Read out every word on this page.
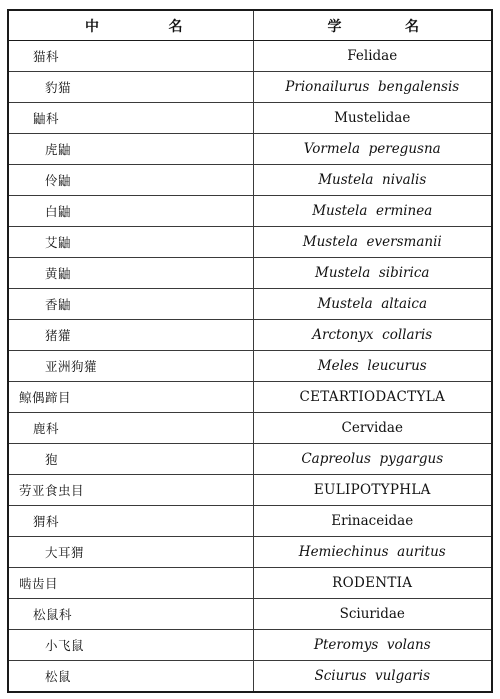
中 名	学 名

猫科	Felidae
豹猫	Prionailurus  bengalensis
鼬科	Mustelidae
虎鼬	Vormela  peregusna
伶鼬	Mustela  nivalis
白鼬	Mustela  erminea
艾鼬	Mustela  eversmanii
黄鼬	Mustela  sibirica
香鼬	Mustela  altaica
猪獾	Arctonyx  collaris
亚洲狗獾	Meles  leucurus
鲸偶蹄目	CETARTIODACTYLA
鹿科	Cervidae
狍	Capreolus  pygargus
劳亚食虫目	EULIPOTYPHLA
猬科	Erinaceidae
大耳猬	Hemiechinus  auritus
啮齿目	RODENTIA
松鼠科	Sciuridae
小飞鼠	Pteromys  volans
松鼠	Sciurus  vulgaris
